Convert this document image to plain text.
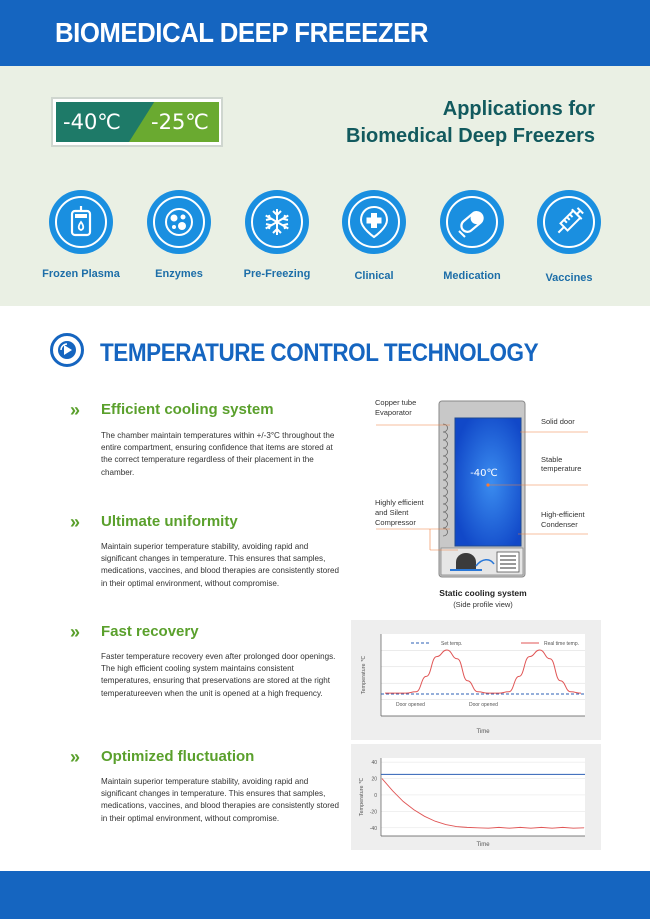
BIOMEDICAL DEEP FREEEZER
-40℃ -25℃
Applications for
Biomedical Deep Freezers
Frozen Plasma	Enzymes	Pre-Freezing	Clinical	Medication	Vaccines
TEMPERATURE CONTROL TECHNOLOGY
» Efficient cooling system
The chamber maintain temperatures within +/-3°C throughout the entire compartment, ensuring confidence that items are stored at the correct temperature regardless of their placement in the chamber.
» Ultimate uniformity
Maintain superior temperature stability, avoiding rapid and significant changes in temperature. This ensures that samples, medications, vaccines, and blood therapies are consistently stored in their optimal environment, without compromise.
» Fast recovery
Faster temperature recovery even after prolonged door openings. The high efficient cooling system maintains consistent temperatures, ensuring that preservations are stored at the right temperatureeven when the unit is opened at a high frequency.
» Optimized fluctuation
Maintain superior temperature stability, avoiding rapid and significant changes in temperature. This ensures that samples, medications, vaccines, and blood therapies are consistently stored in their optimal environment, without compromise.
-40℃
Copper tube
Evaporator
Solid door
Stable
temperature
Highly efficient
and Silent
Compressor
High-efficient
Condenser
Static cooling system
(Side profile view)
Set temp.	Real time temp.
Door opened	Door opened
Temperature ℃
Time
40
20
0
-20
-40
Temperature ℃
Time
